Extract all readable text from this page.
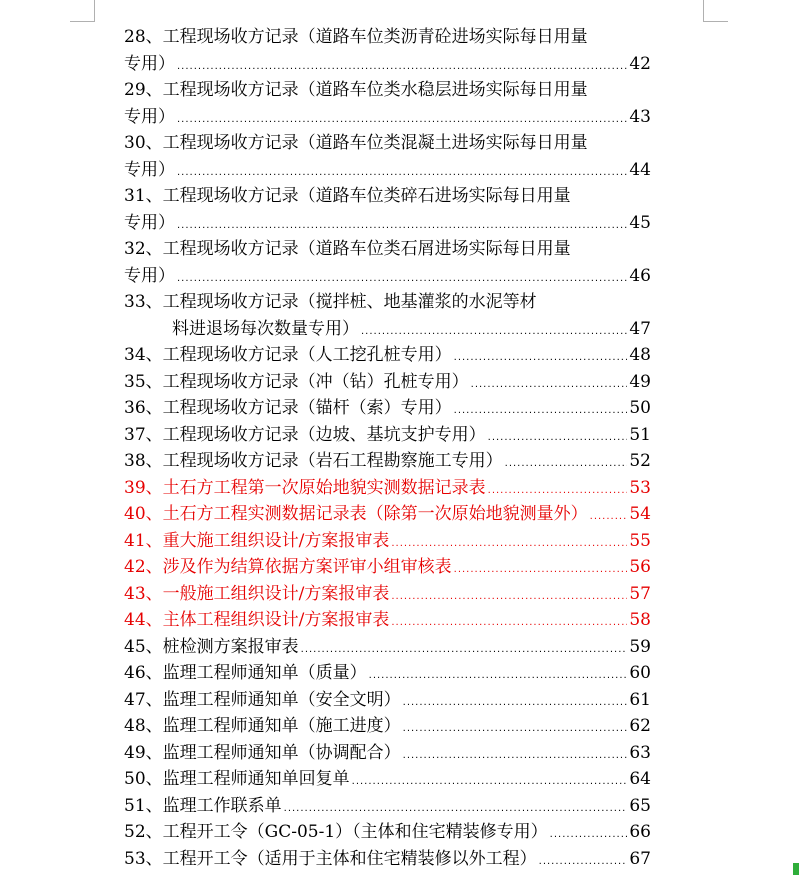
28、工程现场收方记录（道路车位类沥青砼进场实际每日用量
专用） .....	42
29、工程现场收方记录（道路车位类水稳层进场实际每日用量
专用） .....	43
30、工程现场收方记录（道路车位类混凝土进场实际每日用量
专用） .....	44
31、工程现场收方记录（道路车位类碎石进场实际每日用量
专用） .....	45
32、工程现场收方记录（道路车位类石屑进场实际每日用量
专用） .....	46
33、工程现场收方记录（搅拌桩、地基灌浆的水泥等材
料进退场每次数量专用） .....	47
34、工程现场收方记录（人工挖孔桩专用） .....	48
35、工程现场收方记录（冲（钻）孔桩专用） .....	49
36、工程现场收方记录（锚杆（索）专用） .....	50
37、工程现场收方记录（边坡、基坑支护专用） .....	51
38、工程现场收方记录（岩石工程勘察施工专用） .....	52
39、土石方工程第一次原始地貌实测数据记录表 .....	53
40、土石方工程实测数据记录表（除第一次原始地貌测量外） ..... 54
41、重大施工组织设计/方案报审表 .....	55
42、涉及作为结算依据方案评审小组审核表 .....	56
43、一般施工组织设计/方案报审表 .....	57
44、主体工程组织设计/方案报审表 .....	58
45、桩检测方案报审表 .....	59
46、监理工程师通知单（质量） .....	60
47、监理工程师通知单（安全文明） .....	61
48、监理工程师通知单（施工进度） .....	62
49、监理工程师通知单（协调配合） .....	63
50、监理工程师通知单回复单 .....	64
51、监理工作联系单 .....	65
52、工程开工令（GC-05-1）（主体和住宅精装修专用） .....	66
53、工程开工令（适用于主体和住宅精装修以外工程） .....	67
